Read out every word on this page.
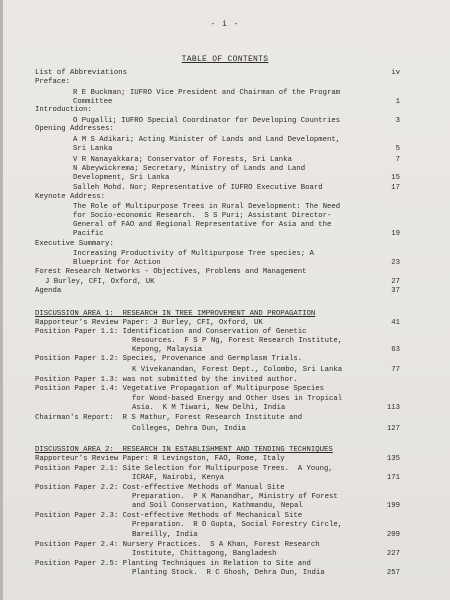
- i -
TABLE OF CONTENTS
List of Abbreviations	iv
Preface:
R E Buckman; IUFRO Vice President and Chairman of the Program
Committee	1
Introduction:
O Pugalli; IUFRO Special Coordinator for Developing Countries	3
Opening Addresses:
A M S Adikari; Acting Minister of Lands and Land Development,
Sri Lanka	5
V R Nanayakkara; Conservator of Forests, Sri Lanka	7
N Abeywickrema; Secretary, Ministry of Lands and Land
Development, Sri Lanka	15
Salleh Mohd. Nor; Representative of IUFRO Executive Board	17
Keynote Address:
The Role of Multipurpose Trees in Rural Development: The Need
for Socio-economic Research.  S S Puri; Assistant Director-
General of FAO and Regional Representative for Asia and the
Pacific	19
Executive Summary:
Increasing Productivity of Multipurpose Tree species; A
Blueprint for Action	23
Forest Research Networks - Objectives, Problems and Management
J Burley, CFI, Oxford, UK	27
Agenda	37
DISCUSSION AREA 1:  RESEARCH IN TREE IMPROVEMENT AND PROPAGATION
Rapporteur's Review Paper: J Burley, CFI, Oxford, UK	41
Position Paper 1.1: Identification and Conservation of Genetic
Resources.  F S P Ng, Forest Research Institute,
Kepong, Malaysia	63
Position Paper 1.2: Species, Provenance and Germplasm Trials.
K Vivekanandan, Forest Dept., Colombo, Sri Lanka	77
Position Paper 1.3: was not submitted by the invited author.
Position Paper 1.4: Vegetative Propagation of Multipurpose Species
for Wood-based Energy and Other Uses in Tropical
Asia.  K M Tiwari, New Delhi, India	113
Chairman's Report:  R S Mathur, Forest Research Institute and
Colleges, Dehra Dun, India	127
DISCUSSION AREA 2:  RESEARCH IN ESTABLISHMENT AND TENDING TECHNIQUES
Rapporteur's Review Paper: R Levingston, FAO, Rome, Italy	135
Position Paper 2.1: Site Selection for Multipurpose Trees.  A Young,
ICRAF, Nairobi, Kenya	171
Position Paper 2.2: Cost-effective Methods of Manual Site
Preparation.  P K Manandhar, Ministry of Forest
and Soil Conservation, Kathmandu, Nepal	199
Position Paper 2.3: Cost-effective Methods of Mechanical Site
Preparation.  R D Gupta, Social Forestry Circle,
Bareilly, India	209
Position Paper 2.4: Nursery Practices.  S A Khan, Forest Research
Institute, Chittagong, Bangladesh	227
Position Paper 2.5: Planting Techniques in Relation to Site and
Planting Stock.  R C Ghosh, Dehra Dun, India	257
